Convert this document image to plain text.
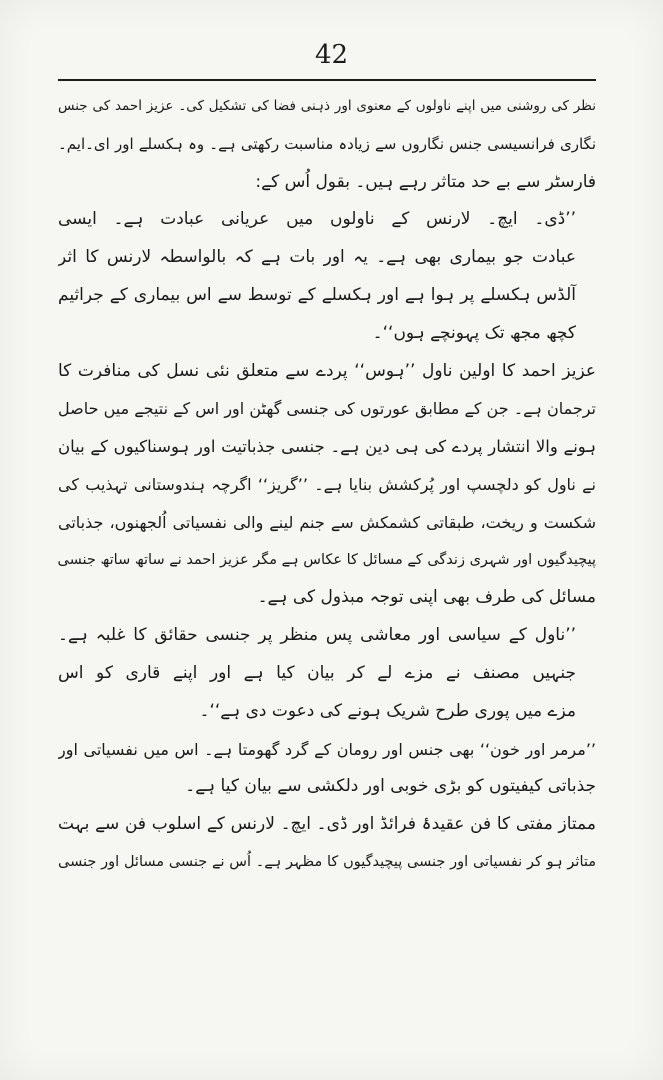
42
نظر کی روشنی میں اپنے ناولوں کے معنوی اور ذہنی فضا کی تشکیل کی۔ عزیز احمد کی جنس
نگاری فرانسیسی جنس نگاروں سے زیادہ مناسبت رکھتی ہے۔ وہ ہکسلے اور ای۔ایم۔
فارسٹر سے بے حد متاثر رہے ہیں۔ بقول اُس کے:
’’ڈی۔ ایچ۔ لارنس کے ناولوں میں عریانی عبادت ہے۔ ایسی
عبادت جو بیماری بھی ہے۔ یہ اور بات ہے کہ بالواسطہ لارنس کا اثر
آلڈس ہکسلے پر ہوا ہے اور ہکسلے کے توسط سے اس بیماری کے جراثیم
کچھ مجھ تک پہونچے ہوں‘‘۔
عزیز احمد کا اولین ناول ’’ہوس‘‘ پردے سے متعلق نئی نسل کی منافرت کا
ترجمان ہے۔ جن کے مطابق عورتوں کی جنسی گھٹن اور اس کے نتیجے میں حاصل
ہونے والا انتشار پردے کی ہی دین ہے۔ جنسی جذباتیت اور ہوسناکیوں کے بیان
نے ناول کو دلچسپ اور پُرکشش بنایا ہے۔ ’’گریز‘‘ اگرچہ ہندوستانی تہذیب کی
شکست و ریخت، طبقاتی کشمکش سے جنم لینے والی نفسیاتی اُلجھنوں، جذباتی
پیچیدگیوں اور شہری زندگی کے مسائل کا عکاس ہے مگر عزیز احمد نے ساتھ ساتھ جنسی
مسائل کی طرف بھی اپنی توجہ مبذول کی ہے۔
’’ناول کے سیاسی اور معاشی پس منظر پر جنسی حقائق کا غلبہ ہے۔
جنہیں مصنف نے مزے لے کر بیان کیا ہے اور اپنے قاری کو اس
مزے میں پوری طرح شریک ہونے کی دعوت دی ہے‘‘۔
’’مرمر اور خون‘‘ بھی جنس اور رومان کے گرد گھومتا ہے۔ اس میں نفسیاتی اور
جذباتی کیفیتوں کو بڑی خوبی اور دلکشی سے بیان کیا ہے۔
ممتاز مفتی کا فن عقیدۂ فرائڈ اور ڈی۔ ایچ۔ لارنس کے اسلوب فن سے بہت
متاثر ہو کر نفسیاتی اور جنسی پیچیدگیوں کا مظہر ہے۔ اُس نے جنسی مسائل اور جنسی
